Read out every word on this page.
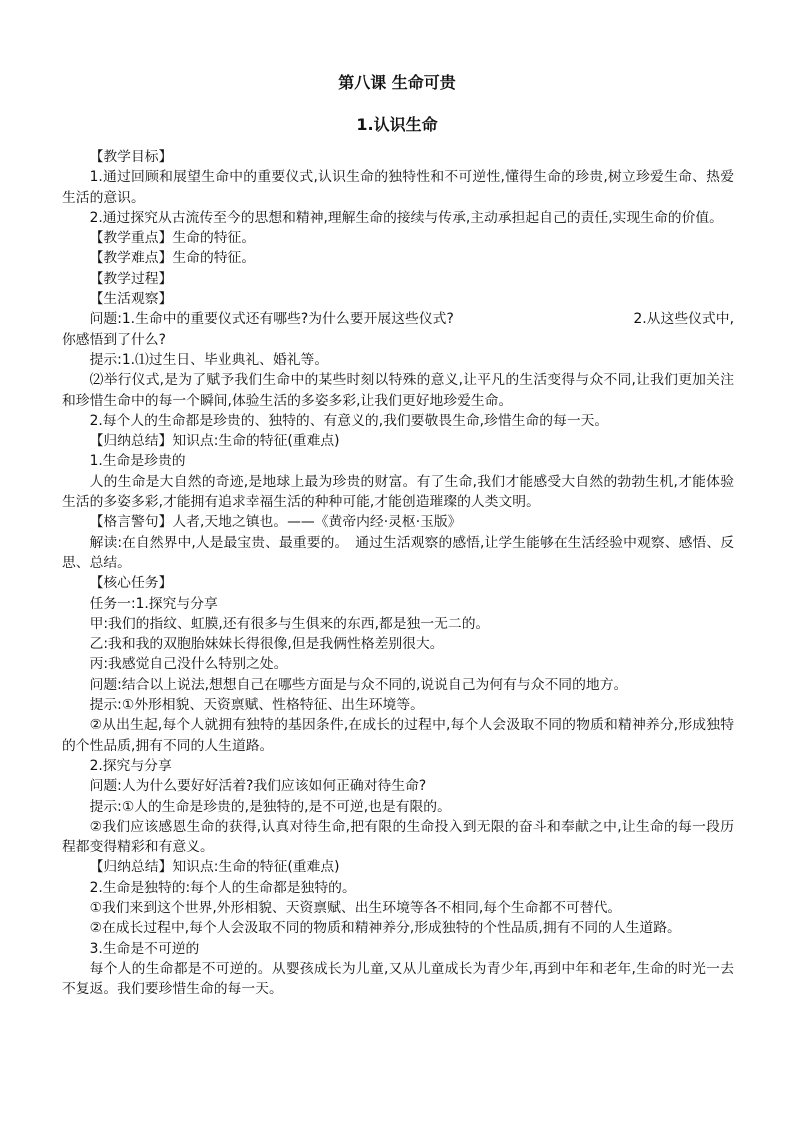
第八课 生命可贵
1.认识生命

【教学目标】

1.通过回顾和展望生命中的重要仪式,认识生命的独特性和不可逆性,懂得生命的珍贵,树立珍爱生命、热爱生活的意识。

2.通过探究从古流传至今的思想和精神,理解生命的接续与传承,主动承担起自己的责任,实现生命的价值。

【教学重点】生命的特征。

【教学难点】生命的特征。

【教学过程】

【生活观察】

问题:1.生命中的重要仪式还有哪些?为什么要开展这些仪式?　　　　　　　　　　　　　2.从这些仪式中,你感悟到了什么?

提示:1.⑴过生日、毕业典礼、婚礼等。

⑵举行仪式,是为了赋予我们生命中的某些时刻以特殊的意义,让平凡的生活变得与众不同,让我们更加关注和珍惜生命中的每一个瞬间,体验生活的多姿多彩,让我们更好地珍爱生命。

2.每个人的生命都是珍贵的、独特的、有意义的,我们要敬畏生命,珍惜生命的每一天。

【归纳总结】知识点:生命的特征(重难点)

1.生命是珍贵的

人的生命是大自然的奇迹,是地球上最为珍贵的财富。有了生命,我们才能感受大自然的勃勃生机,才能体验生活的多姿多彩,才能拥有追求幸福生活的种种可能,才能创造璀璨的人类文明。

【格言警句】人者,天地之镇也。——《黄帝内经·灵枢·玉版》

解读:在自然界中,人是最宝贵、最重要的。　通过生活观察的感悟,让学生能够在生活经验中观察、感悟、反思、总结。

【核心任务】

任务一:1.探究与分享

甲:我们的指纹、虹膜,还有很多与生俱来的东西,都是独一无二的。

乙:我和我的双胞胎妹妹长得很像,但是我俩性格差别很大。

丙:我感觉自己没什么特别之处。

问题:结合以上说法,想想自己在哪些方面是与众不同的,说说自己为何有与众不同的地方。

提示:①外形相貌、天资禀赋、性格特征、出生环境等。

②从出生起,每个人就拥有独特的基因条件,在成长的过程中,每个人会汲取不同的物质和精神养分,形成独特的个性品质,拥有不同的人生道路。

2.探究与分享

问题:人为什么要好好活着?我们应该如何正确对待生命?

提示:①人的生命是珍贵的,是独特的,是不可逆,也是有限的。

②我们应该感恩生命的获得,认真对待生命,把有限的生命投入到无限的奋斗和奉献之中,让生命的每一段历程都变得精彩和有意义。

【归纳总结】知识点:生命的特征(重难点)

2.生命是独特的:每个人的生命都是独特的。

①我们来到这个世界,外形相貌、天资禀赋、出生环境等各不相同,每个生命都不可替代。

②在成长过程中,每个人会汲取不同的物质和精神养分,形成独特的个性品质,拥有不同的人生道路。

3.生命是不可逆的

每个人的生命都是不可逆的。从婴孩成长为儿童,又从儿童成长为青少年,再到中年和老年,生命的时光一去不复返。我们要珍惜生命的每一天。
